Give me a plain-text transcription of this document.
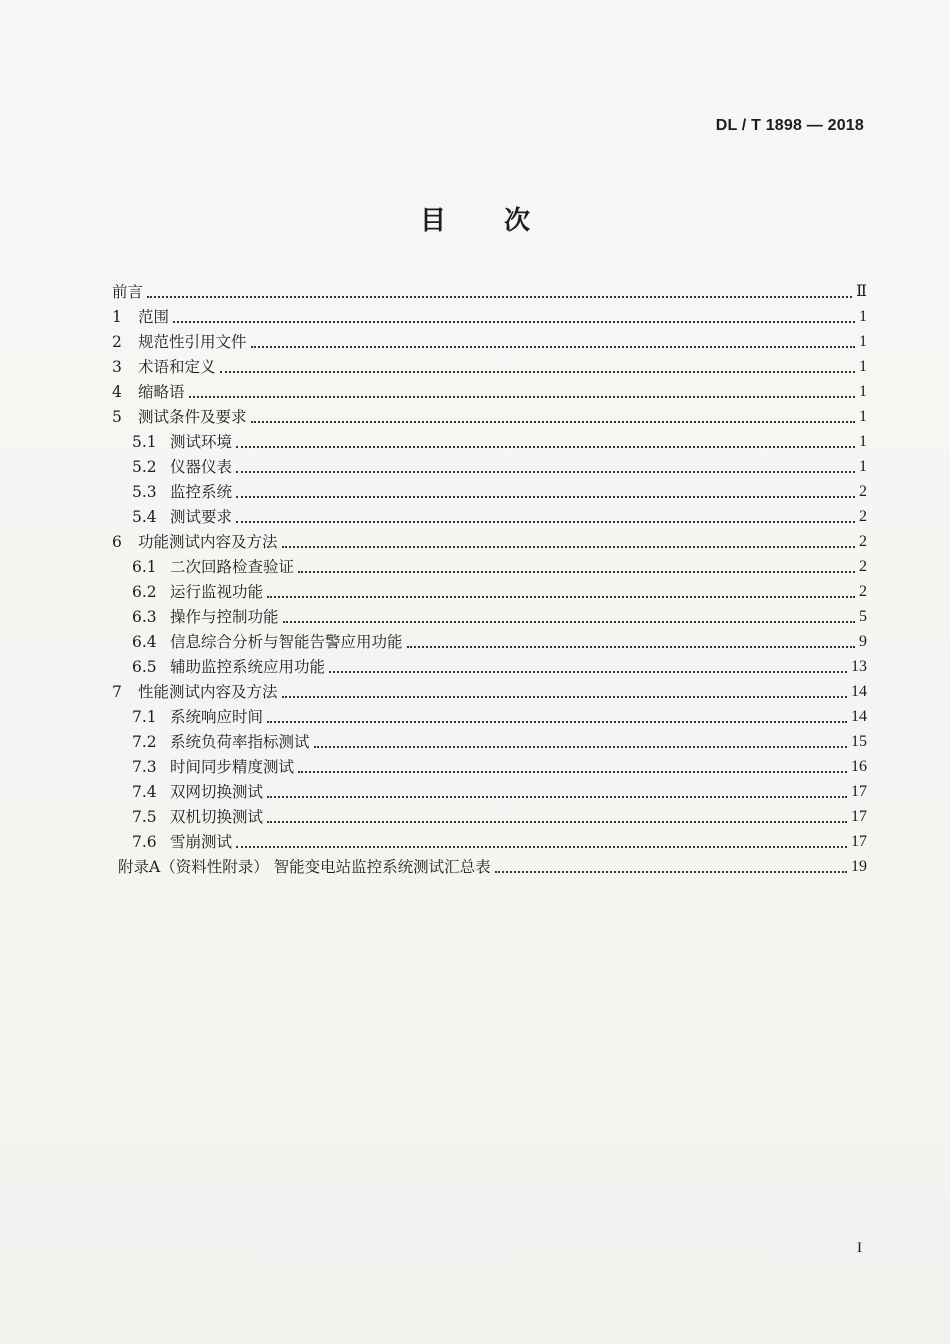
DL / T 1898 — 2018
目 次
前言	Ⅱ
1	范围	1
2	规范性引用文件	1
3	术语和定义	1
4	缩略语	1
5	测试条件及要求	1
5.1 测试环境	1
5.2 仪器仪表	1
5.3 监控系统	2
5.4 测试要求	2
6	功能测试内容及方法	2
6.1 二次回路检查验证	2
6.2 运行监视功能	2
6.3 操作与控制功能	5
6.4 信息综合分析与智能告警应用功能	9
6.5 辅助监控系统应用功能	13
7	性能测试内容及方法	14
7.1 系统响应时间	14
7.2 系统负荷率指标测试	15
7.3 时间同步精度测试	16
7.4 双网切换测试	17
7.5 双机切换测试	17
7.6 雪崩测试	17
附录A（资料性附录） 智能变电站监控系统测试汇总表	19
I
